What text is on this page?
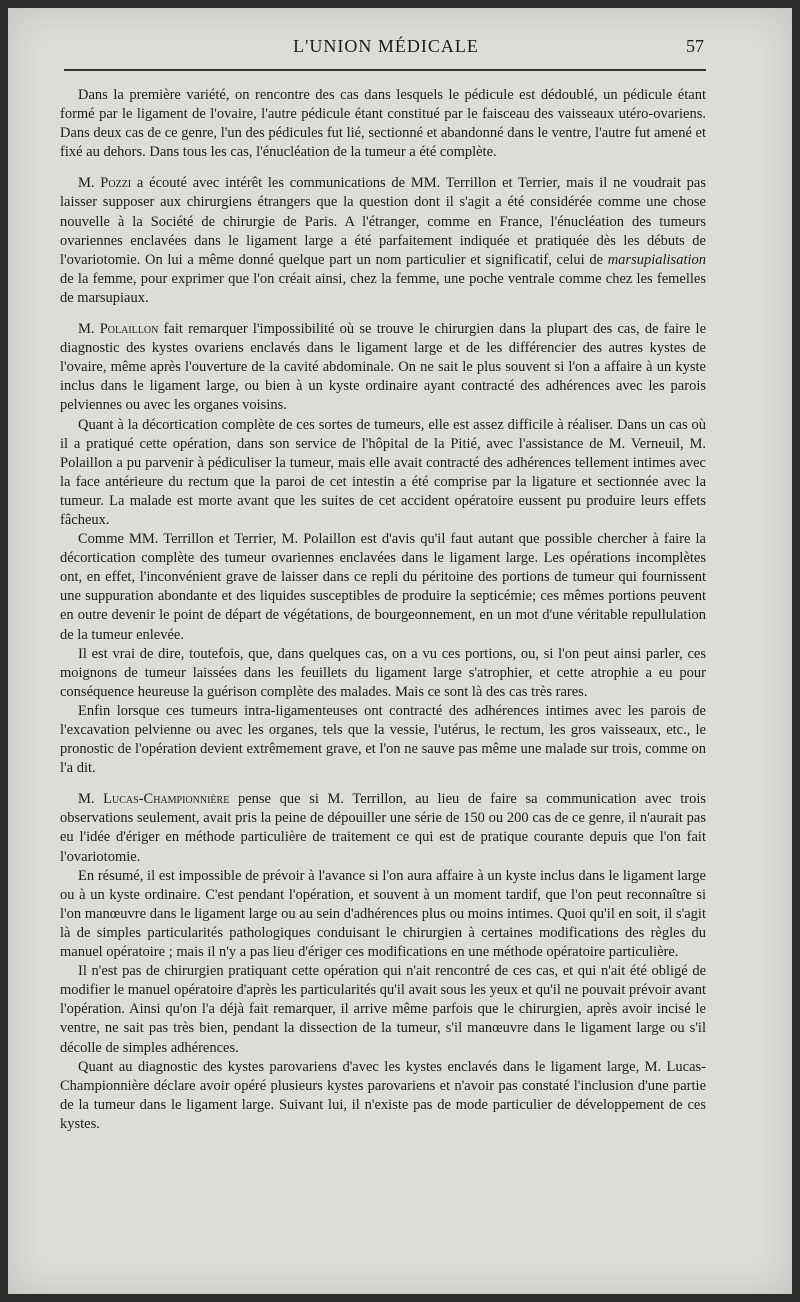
L'UNION MÉDICALE	57

Dans la première variété, on rencontre des cas dans lesquels le pédicule est dédoublé, un pédicule étant formé par le ligament de l'ovaire, l'autre pédicule étant constitué par le faisceau des vaisseaux utéro-ovariens. Dans deux cas de ce genre, l'un des pédicules fut lié, sectionné et abandonné dans le ventre, l'autre fut amené et fixé au dehors. Dans tous les cas, l'énucléation de la tumeur a été complète.

M. Pozzi a écouté avec intérêt les communications de MM. Terrillon et Terrier, mais il ne voudrait pas laisser supposer aux chirurgiens étrangers que la question dont il s'agit a été considérée comme une chose nouvelle à la Société de chirurgie de Paris. A l'étranger, comme en France, l'énucléation des tumeurs ovariennes enclavées dans le ligament large a été parfaitement indiquée et pratiquée dès les débuts de l'ovariotomie. On lui a même donné quelque part un nom particulier et significatif, celui de marsupialisation de la femme, pour exprimer que l'on créait ainsi, chez la femme, une poche ventrale comme chez les femelles de marsupiaux.

M. Polaillon fait remarquer l'impossibilité où se trouve le chirurgien dans la plupart des cas, de faire le diagnostic des kystes ovariens enclavés dans le ligament large et de les différencier des autres kystes de l'ovaire, même après l'ouverture de la cavité abdominale. On ne sait le plus souvent si l'on a affaire à un kyste inclus dans le ligament large, ou bien à un kyste ordinaire ayant contracté des adhérences avec les parois pelviennes ou avec les organes voisins.

Quant à la décortication complète de ces sortes de tumeurs, elle est assez difficile à réaliser. Dans un cas où il a pratiqué cette opération, dans son service de l'hôpital de la Pitié, avec l'assistance de M. Verneuil, M. Polaillon a pu parvenir à pédiculiser la tumeur, mais elle avait contracté des adhérences tellement intimes avec la face antérieure du rectum que la paroi de cet intestin a été comprise par la ligature et sectionnée avec la tumeur. La malade est morte avant que les suites de cet accident opératoire eussent pu produire leurs effets fâcheux.

Comme MM. Terrillon et Terrier, M. Polaillon est d'avis qu'il faut autant que possible chercher à faire la décortication complète des tumeur ovariennes enclavées dans le ligament large. Les opérations incomplètes ont, en effet, l'inconvénient grave de laisser dans ce repli du péritoine des portions de tumeur qui fournissent une suppuration abondante et des liquides susceptibles de produire la septicémie; ces mêmes portions peuvent en outre devenir le point de départ de végétations, de bourgeonnement, en un mot d'une véritable repullulation de la tumeur enlevée.

Il est vrai de dire, toutefois, que, dans quelques cas, on a vu ces portions, ou, si l'on peut ainsi parler, ces moignons de tumeur laissées dans les feuillets du ligament large s'atrophier, et cette atrophie a eu pour conséquence heureuse la guérison complète des malades. Mais ce sont là des cas très rares.

Enfin lorsque ces tumeurs intra-ligamenteuses ont contracté des adhérences intimes avec les parois de l'excavation pelvienne ou avec les organes, tels que la vessie, l'utérus, le rectum, les gros vaisseaux, etc., le pronostic de l'opération devient extrêmement grave, et l'on ne sauve pas même une malade sur trois, comme on l'a dit.

M. Lucas-Championnière pense que si M. Terrillon, au lieu de faire sa communication avec trois observations seulement, avait pris la peine de dépouiller une série de 150 ou 200 cas de ce genre, il n'aurait pas eu l'idée d'ériger en méthode particulière de traitement ce qui est de pratique courante depuis que l'on fait l'ovariotomie.

En résumé, il est impossible de prévoir à l'avance si l'on aura affaire à un kyste inclus dans le ligament large ou à un kyste ordinaire. C'est pendant l'opération, et souvent à un moment tardif, que l'on peut reconnaître si l'on manœuvre dans le ligament large ou au sein d'adhérences plus ou moins intimes. Quoi qu'il en soit, il s'agit là de simples particularités pathologiques conduisant le chirurgien à certaines modifications des règles du manuel opératoire ; mais il n'y a pas lieu d'ériger ces modifications en une méthode opératoire particulière.

Il n'est pas de chirurgien pratiquant cette opération qui n'ait rencontré de ces cas, et qui n'ait été obligé de modifier le manuel opératoire d'après les particularités qu'il avait sous les yeux et qu'il ne pouvait prévoir avant l'opération. Ainsi qu'on l'a déjà fait remarquer, il arrive même parfois que le chirurgien, après avoir incisé le ventre, ne sait pas très bien, pendant la dissection de la tumeur, s'il manœuvre dans le ligament large ou s'il décolle de simples adhérences.

Quant au diagnostic des kystes parovariens d'avec les kystes enclavés dans le ligament large, M. Lucas-Championnière déclare avoir opéré plusieurs kystes parovariens et n'avoir pas constaté l'inclusion d'une partie de la tumeur dans le ligament large. Suivant lui, il n'existe pas de mode particulier de développement de ces kystes.
